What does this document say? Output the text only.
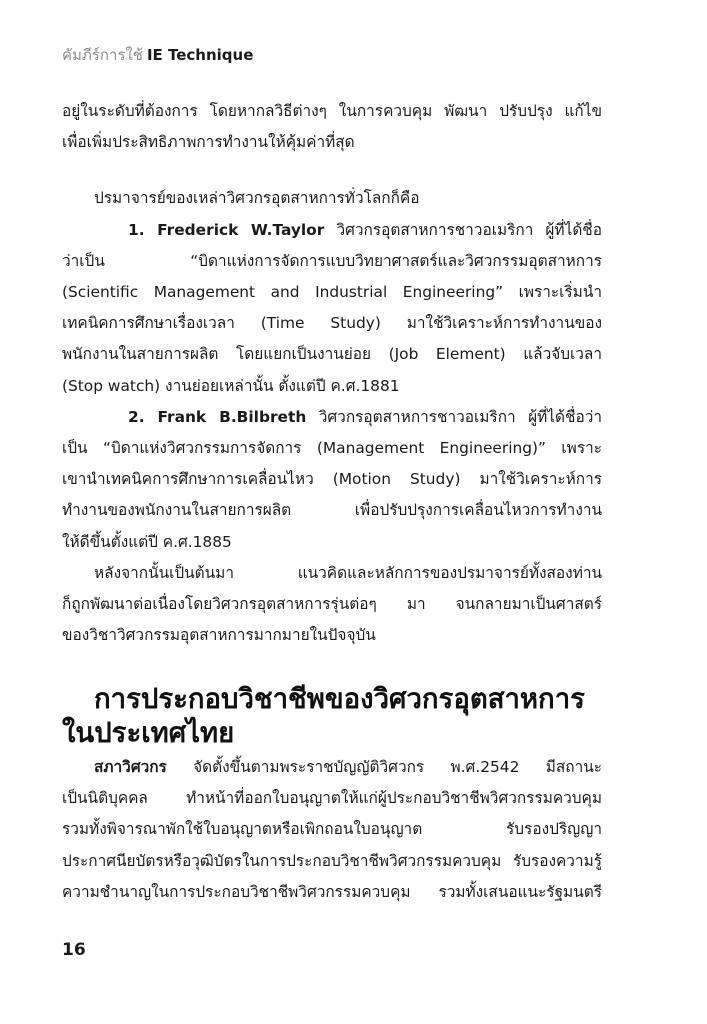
คัมภีร์การใช้ IE Technique
อยู่ในระดับที่ต้องการ โดยหากลวิธีต่างๆ ในการควบคุม พัฒนา ปรับปรุง แก้ไข
เพื่อเพิ่มประสิทธิภาพการทำงานให้คุ้มค่าที่สุด
ปรมาจารย์ของเหล่าวิศวกรอุตสาหการทั่วโลกก็คือ
1. Frederick W.Taylor วิศวกรอุตสาหการชาวอเมริกา ผู้ที่ได้ชื่อ
ว่าเป็น “บิดาแห่งการจัดการแบบวิทยาศาสตร์และวิศวกรรมอุตสาหการ
(Scientific Management and Industrial Engineering” เพราะเริ่มนำ
เทคนิคการศึกษาเรื่องเวลา (Time Study) มาใช้วิเคราะห์การทำงานของ
พนักงานในสายการผลิต โดยแยกเป็นงานย่อย (Job Element) แล้วจับเวลา
(Stop watch) งานย่อยเหล่านั้น ตั้งแต่ปี ค.ศ.1881
2. Frank B.Bilbreth วิศวกรอุตสาหการชาวอเมริกา ผู้ที่ได้ชื่อว่า
เป็น “บิดาแห่งวิศวกรรมการจัดการ (Management Engineering)” เพราะ
เขานำเทคนิคการศึกษาการเคลื่อนไหว (Motion Study) มาใช้วิเคราะห์การ
ทำงานของพนักงานในสายการผลิต เพื่อปรับปรุงการเคลื่อนไหวการทำงาน
ให้ดีขึ้นตั้งแต่ปี ค.ศ.1885
หลังจากนั้นเป็นต้นมา แนวคิดและหลักการของปรมาจารย์ทั้งสองท่าน
ก็ถูกพัฒนาต่อเนื่องโดยวิศวกรอุตสาหการรุ่นต่อๆ มา จนกลายมาเป็นศาสตร์
ของวิชาวิศวกรรมอุตสาหการมากมายในปัจจุบัน
การประกอบวิชาชีพของวิศวกรอุตสาหการ
ในประเทศไทย
สภาวิศวกร จัดตั้งขึ้นตามพระราชบัญญัติวิศวกร พ.ศ.2542 มีสถานะ
เป็นนิติบุคคล ทำหน้าที่ออกใบอนุญาตให้แก่ผู้ประกอบวิชาชีพวิศวกรรมควบคุม
รวมทั้งพิจารณาพักใช้ใบอนุญาตหรือเพิกถอนใบอนุญาต รับรองปริญญา
ประกาศนียบัตรหรือวุฒิบัตรในการประกอบวิชาชีพวิศวกรรมควบคุม รับรองความรู้
ความชำนาญในการประกอบวิชาชีพวิศวกรรมควบคุม รวมทั้งเสนอแนะรัฐมนตรี
16
